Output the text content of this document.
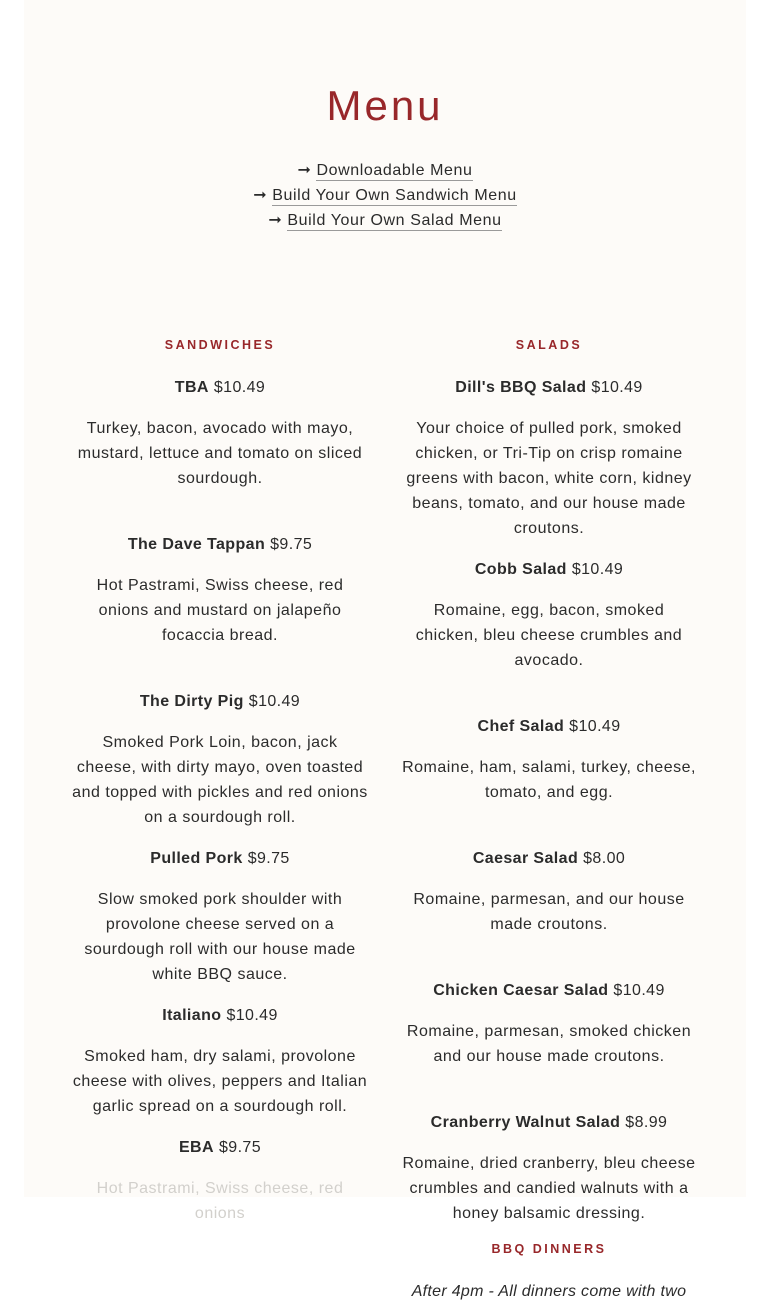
Menu
➞ Downloadable Menu
➞ Build Your Own Sandwich Menu
➞ Build Your Own Salad Menu
SANDWICHES

TBA $10.49

Turkey, bacon, avocado with mayo, mustard, lettuce and tomato on sliced sourdough.

The Dave Tappan $9.75

Hot Pastrami, Swiss cheese, red onions and mustard on jalapeño focaccia bread.

The Dirty Pig $10.49

Smoked Pork Loin, bacon, jack cheese, with dirty mayo, oven toasted and topped with pickles and red onions on a sourdough roll.

Pulled Pork $9.75

Slow smoked pork shoulder with provolone cheese served on a sourdough roll with our house made white BBQ sauce.

Italiano $10.49

Smoked ham, dry salami, provolone cheese with olives, peppers and Italian garlic spread on a sourdough roll.

EBA $9.75

Hot Pastrami, Swiss cheese, red onions

SALADS

Dill's BBQ Salad $10.49

Your choice of pulled pork, smoked chicken, or Tri-Tip on crisp romaine greens with bacon, white corn, kidney beans, tomato, and our house made croutons.

Cobb Salad $10.49

Romaine, egg, bacon, smoked chicken, bleu cheese crumbles and avocado.

Chef Salad $10.49

Romaine, ham, salami, turkey, cheese, tomato, and egg.

Caesar Salad $8.00

Romaine, parmesan, and our house made croutons.

Chicken Caesar Salad $10.49

Romaine, parmesan, smoked chicken and our house made croutons.

Cranberry Walnut Salad $8.99

Romaine, dried cranberry, bleu cheese crumbles and candied walnuts with a honey balsamic dressing.

BBQ DINNERS
After 4pm - All dinners come with two
